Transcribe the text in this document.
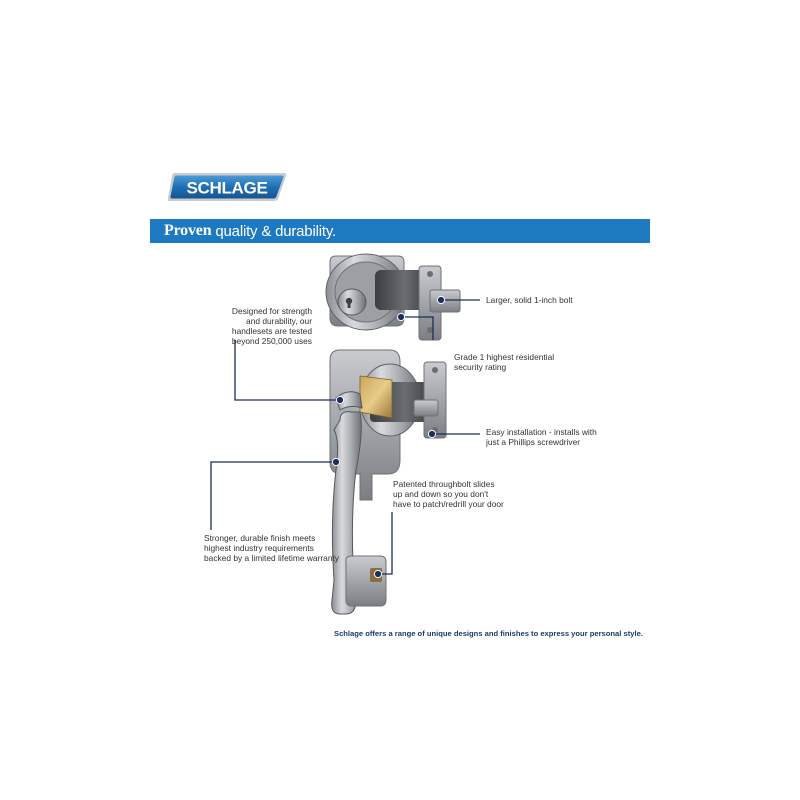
SCHLAGE
Proven quality & durability.
Designed for strength
and durability, our
handlesets are tested
beyond 250,000 uses
Larger, solid 1-inch bolt
Grade 1 highest residential
security rating
Easy installation - installs with
just a Phillips screwdriver
Patented throughbolt slides
up and down so you don't
have to patch/redrill your door
Stronger, durable finish meets
highest industry requirements
backed by a limited lifetime warranty
Schlage offers a range of unique designs and finishes to express your personal style.
